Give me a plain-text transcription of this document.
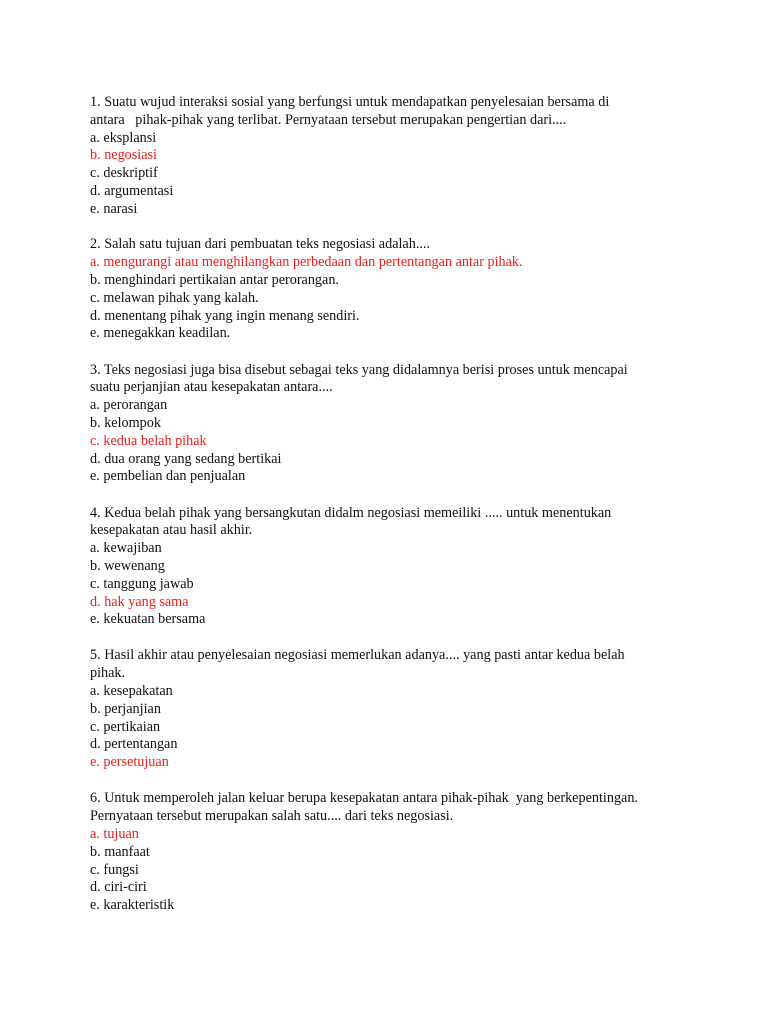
1. Suatu wujud interaksi sosial yang berfungsi untuk mendapatkan penyelesaian bersama di
antara   pihak-pihak yang terlibat. Pernyataan tersebut merupakan pengertian dari....
a. eksplansi
b. negosiasi
c. deskriptif
d. argumentasi
e. narasi
2. Salah satu tujuan dari pembuatan teks negosiasi adalah....
a. mengurangi atau menghilangkan perbedaan dan pertentangan antar pihak.
b. menghindari pertikaian antar perorangan.
c. melawan pihak yang kalah.
d. menentang pihak yang ingin menang sendiri.
e. menegakkan keadilan.
3. Teks negosiasi juga bisa disebut sebagai teks yang didalamnya berisi proses untuk mencapai
suatu perjanjian atau kesepakatan antara....
a. perorangan
b. kelompok
c. kedua belah pihak
d. dua orang yang sedang bertikai
e. pembelian dan penjualan
4. Kedua belah pihak yang bersangkutan didalm negosiasi memeiliki ..... untuk menentukan
kesepakatan atau hasil akhir.
a. kewajiban
b. wewenang
c. tanggung jawab
d. hak yang sama
e. kekuatan bersama
5. Hasil akhir atau penyelesaian negosiasi memerlukan adanya.... yang pasti antar kedua belah
pihak.
a. kesepakatan
b. perjanjian
c. pertikaian
d. pertentangan
e. persetujuan
6. Untuk memperoleh jalan keluar berupa kesepakatan antara pihak-pihak  yang berkepentingan.
Pernyataan tersebut merupakan salah satu.... dari teks negosiasi.
a. tujuan
b. manfaat
c. fungsi
d. ciri-ciri
e. karakteristik
